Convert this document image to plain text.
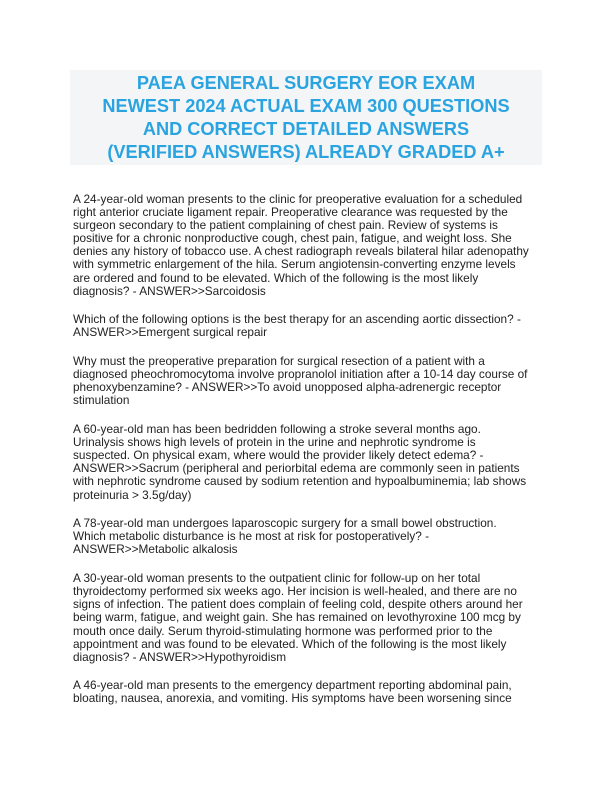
PAEA GENERAL SURGERY EOR EXAM
NEWEST 2024 ACTUAL EXAM 300 QUESTIONS
AND CORRECT DETAILED ANSWERS
(VERIFIED ANSWERS) ALREADY GRADED A+

A 24-year-old woman presents to the clinic for preoperative evaluation for a scheduled
right anterior cruciate ligament repair. Preoperative clearance was requested by the
surgeon secondary to the patient complaining of chest pain. Review of systems is
positive for a chronic nonproductive cough, chest pain, fatigue, and weight loss. She
denies any history of tobacco use. A chest radiograph reveals bilateral hilar adenopathy
with symmetric enlargement of the hila. Serum angiotensin-converting enzyme levels
are ordered and found to be elevated. Which of the following is the most likely
diagnosis? - ANSWER>>Sarcoidosis

Which of the following options is the best therapy for an ascending aortic dissection? -
ANSWER>>Emergent surgical repair

Why must the preoperative preparation for surgical resection of a patient with a
diagnosed pheochromocytoma involve propranolol initiation after a 10-14 day course of
phenoxybenzamine? - ANSWER>>To avoid unopposed alpha-adrenergic receptor
stimulation

A 60-year-old man has been bedridden following a stroke several months ago.
Urinalysis shows high levels of protein in the urine and nephrotic syndrome is
suspected. On physical exam, where would the provider likely detect edema? -
ANSWER>>Sacrum (peripheral and periorbital edema are commonly seen in patients
with nephrotic syndrome caused by sodium retention and hypoalbuminemia; lab shows
proteinuria > 3.5g/day)

A 78-year-old man undergoes laparoscopic surgery for a small bowel obstruction.
Which metabolic disturbance is he most at risk for postoperatively? -
ANSWER>>Metabolic alkalosis

A 30-year-old woman presents to the outpatient clinic for follow-up on her total
thyroidectomy performed six weeks ago. Her incision is well-healed, and there are no
signs of infection. The patient does complain of feeling cold, despite others around her
being warm, fatigue, and weight gain. She has remained on levothyroxine 100 mcg by
mouth once daily. Serum thyroid-stimulating hormone was performed prior to the
appointment and was found to be elevated. Which of the following is the most likely
diagnosis? - ANSWER>>Hypothyroidism

A 46-year-old man presents to the emergency department reporting abdominal pain,
bloating, nausea, anorexia, and vomiting. His symptoms have been worsening since
